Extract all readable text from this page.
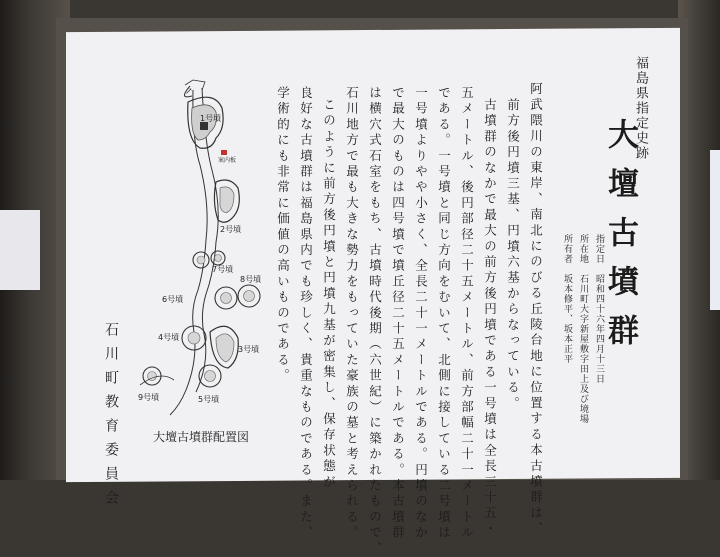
福島県指定史跡
大壇古墳群
指定日　昭和四十六年四月十三日
所在地　石川町大字新屋敷字田上及び境場
所有者　坂本修平、坂本正平
阿武隈川の東岸、南北にのびる丘陵台地に位置する本古墳群は、
前方後円墳三基、円墳六基からなっている。
古墳群のなかで最大の前方後円墳である一号墳は全長三十五・
五メートル、後円部径二十五メートル、前方部幅二十一メートル
である。一号墳と同じ方向をむいて、北側に接している二号墳は
一号墳よりやや小さく、全長二十一メートルである。円墳のなか
で最大のものは四号墳で墳丘径二十五メートルである。本古墳群
は横穴式石室をもち、古墳時代後期（六世紀）に築かれたもので、
石川地方で最も大きな勢力をもっていた豪族の墓と考えられる。
このように前方後円墳と円墳九基が密集し、保存状態が
良好な古墳群は福島県内でも珍しく、貴重なものである。また、
学術的にも非常に価値の高いものである。
石川町教育委員会
↗
1号墳
案内板
2号墳
7号墳
8号墳
6号墳
4号墳
3号墳
9号墳	5号墳
大壇古墳群配置図
